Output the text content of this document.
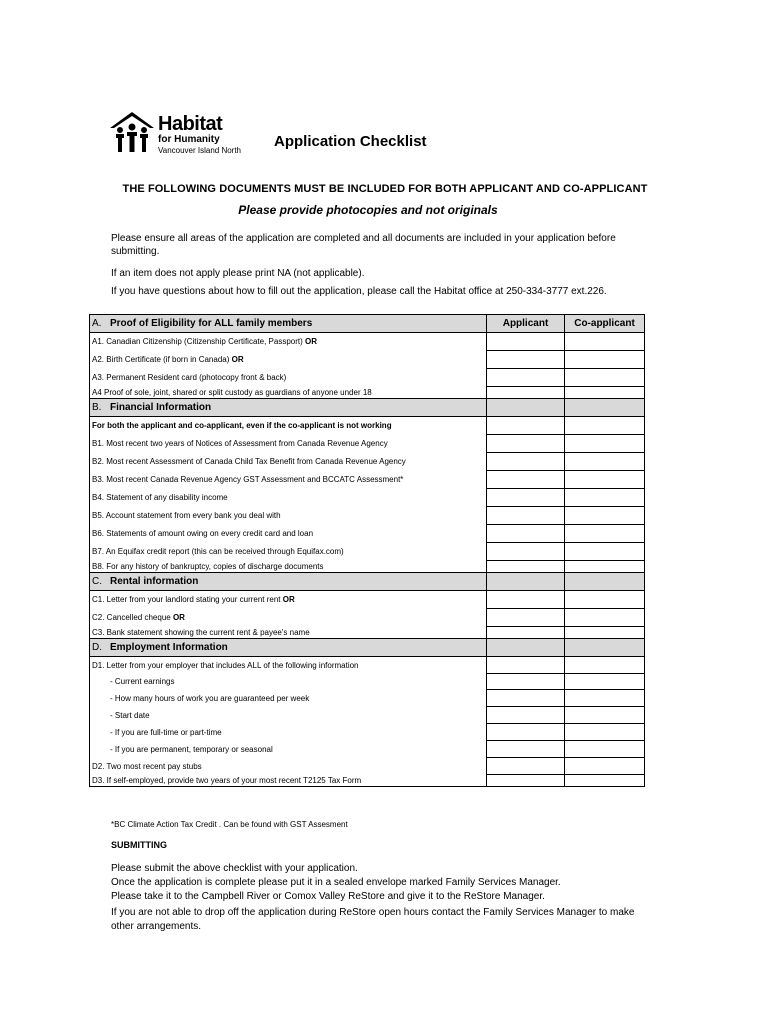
Habitat
for Humanity
Vancouver Island North
Application Checklist
THE FOLLOWING DOCUMENTS MUST BE INCLUDED FOR BOTH APPLICANT AND CO-APPLICANT
Please provide photocopies and not originals
Please ensure all areas of the application are completed and all documents are included in your application before submitting.
If an item does not apply please print NA (not applicable).
If you have questions about how to fill out the application, please call the Habitat office at 250-334-3777 ext.226.
A. Proof of Eligibility for ALL family members	Applicant	Co-applicant
A1. Canadian Citizenship (Citizenship Certificate, Passport) OR		
A2. Birth Certificate (if born in Canada) OR		
A3. Permanent Resident card (photocopy front & back)		
A4 Proof of sole, joint, shared or split custody as guardians of anyone under 18		
B. Financial Information		
For both the applicant and co-applicant, even if the co-applicant is not working		
B1. Most recent two years of Notices of Assessment from Canada Revenue Agency		
B2. Most recent Assessment of Canada Child Tax Benefit from Canada Revenue Agency		
B3. Most recent Canada Revenue Agency GST Assessment and BCCATC Assessment*		
B4. Statement of any disability income		
B5. Account statement from every bank you deal with		
B6. Statements of amount owing on every credit card and loan		
B7. An Equifax credit report (this can be received through Equifax.com)		
B8. For any history of bankruptcy, copies of discharge documents		
C. Rental information		
C1. Letter from your landlord stating your current rent OR		
C2. Cancelled cheque OR		
C3. Bank statement showing the current rent & payee's name		
D. Employment Information		
D1. Letter from your employer that includes ALL of the following information		
- Current earnings		
- How many hours of work you are guaranteed per week		
- Start date		
- If you are full-time or part-time		
- If you are permanent, temporary or seasonal		
D2. Two most recent pay stubs		
D3. If self-employed, provide two years of your most recent T2125 Tax Form		
*BC Climate Action Tax Credit . Can be found with GST Assesment
SUBMITTING
Please submit the above checklist with your application.
Once the application is complete please put it in a sealed envelope marked Family Services Manager.
Please take it to the Campbell River or Comox Valley ReStore and give it to the ReStore Manager.
If you are not able to drop off the application during ReStore open hours contact the Family Services Manager to make other arrangements.
